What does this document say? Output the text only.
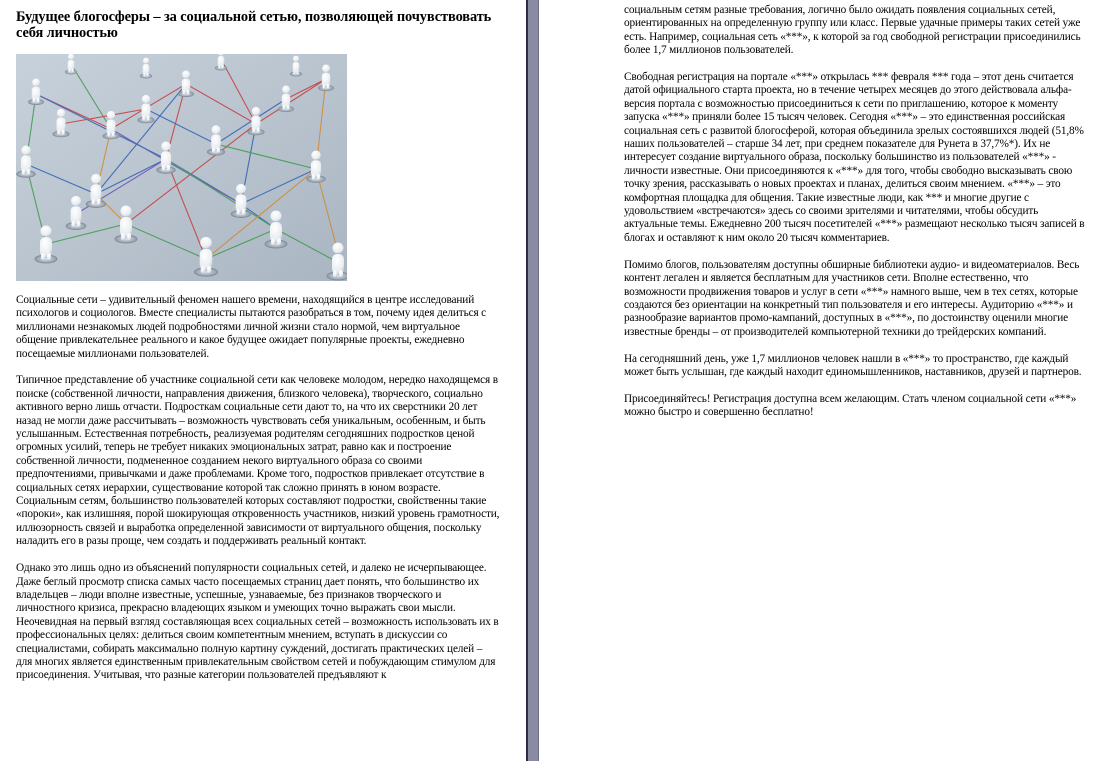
Будущее блогосферы – за социальной сетью, позволяющей почувствовать себя личностью

Социальные сети – удивительный феномен нашего времени, находящийся в центре исследований психологов и социологов. Вместе специалисты пытаются разобраться в том, почему идея делиться с миллионами незнакомых людей подробностями личной жизни стало нормой, чем виртуальное общение привлекательнее реального и какое будущее ожидает популярные проекты, ежедневно посещаемые миллионами пользователей.

Типичное представление об участнике социальной сети как человеке молодом, нередко находящемся в поиске (собственной личности, направления движения, близкого человека), творческого, социально активного верно лишь отчасти. Подросткам социальные сети дают то, на что их сверстники 20 лет назад не могли даже рассчитывать – возможность чувствовать себя уникальным, особенным, и быть услышанным. Естественная потребность, реализуемая родителям сегодняшних подростков ценой огромных усилий, теперь не требует никаких эмоциональных затрат, равно как и построение собственной личности, подмененное созданием некого виртуального образа со своими предпочтениями, привычками и даже проблемами. Кроме того, подростков привлекает отсутствие в социальных сетях иерархии, существование которой так сложно принять в юном возрасте. Социальным сетям, большинство пользователей которых составляют подростки, свойственны такие «пороки», как излишняя, порой шокирующая откровенность участников, низкий уровень грамотности, иллюзорность связей и выработка определенной зависимости от виртуального общения, поскольку наладить его в разы проще, чем создать и поддерживать реальный контакт.

Однако это лишь одно из объяснений популярности социальных сетей, и далеко не исчерпывающее. Даже беглый просмотр списка самых часто посещаемых страниц дает понять, что большинство их владельцев – люди вполне известные, успешные, узнаваемые, без признаков творческого и личностного кризиса, прекрасно владеющих языком и умеющих точно выражать свои мысли. Неочевидная на первый взгляд составляющая всех социальных сетей – возможность использовать их в профессиональных целях: делиться своим компетентным мнением, вступать в дискуссии со специалистами, собирать максимально полную картину суждений, достигать практических целей – для многих является единственным привлекательным свойством сетей и побуждающим стимулом для присоединения. Учитывая, что разные категории пользователей предъявляют к

социальным сетям разные требования, логично было ожидать появления социальных сетей, ориентированных на определенную группу или класс. Первые удачные примеры таких сетей уже есть. Например, социальная сеть «***», к которой за год свободной регистрации присоединились более 1,7 миллионов пользователей.

Свободная регистрация на портале «***» открылась *** февраля *** года – этот день считается датой официального старта проекта, но в течение четырех месяцев до этого действовала альфа-версия портала с возможностью присоединиться к сети по приглашению, которое к моменту запуска «***» приняли более 15 тысяч человек. Сегодня «***» – это единственная российская социальная сеть с развитой блогосферой, которая объединила зрелых состоявшихся людей (51,8% наших пользователей – старше 34 лет, при среднем показателе для Рунета в 37,7%*). Их не интересует создание виртуального образа, поскольку большинство из пользователей «***» - личности известные. Они присоединяются к «***» для того, чтобы свободно высказывать свою точку зрения, рассказывать о новых проектах и планах, делиться своим мнением. «***» – это комфортная площадка для общения. Такие известные люди, как *** и многие другие с удовольствием «встречаются» здесь со своими зрителями и читателями, чтобы обсудить актуальные темы. Ежедневно 200 тысяч посетителей «***» размещают несколько тысяч записей в блогах и оставляют к ним около 20 тысяч комментариев.

Помимо блогов, пользователям доступны обширные библиотеки аудио- и видеоматериалов. Весь контент легален и является бесплатным для участников сети. Вполне естественно, что возможности продвижения товаров и услуг в сети «***» намного выше, чем в тех сетях, которые создаются без ориентации на конкретный тип пользователя и его интересы. Аудиторию «***» и разнообразие вариантов промо-кампаний, доступных в «***», по достоинству оценили многие известные бренды – от производителей компьютерной техники до трейдерских компаний.

На сегодняшний день, уже 1,7 миллионов человек нашли в «***» то пространство, где каждый может быть услышан, где каждый находит единомышленников, наставников, друзей и партнеров.

Присоединяйтесь! Регистрация доступна всем желающим. Стать членом социальной сети «***» можно быстро и совершенно бесплатно!
